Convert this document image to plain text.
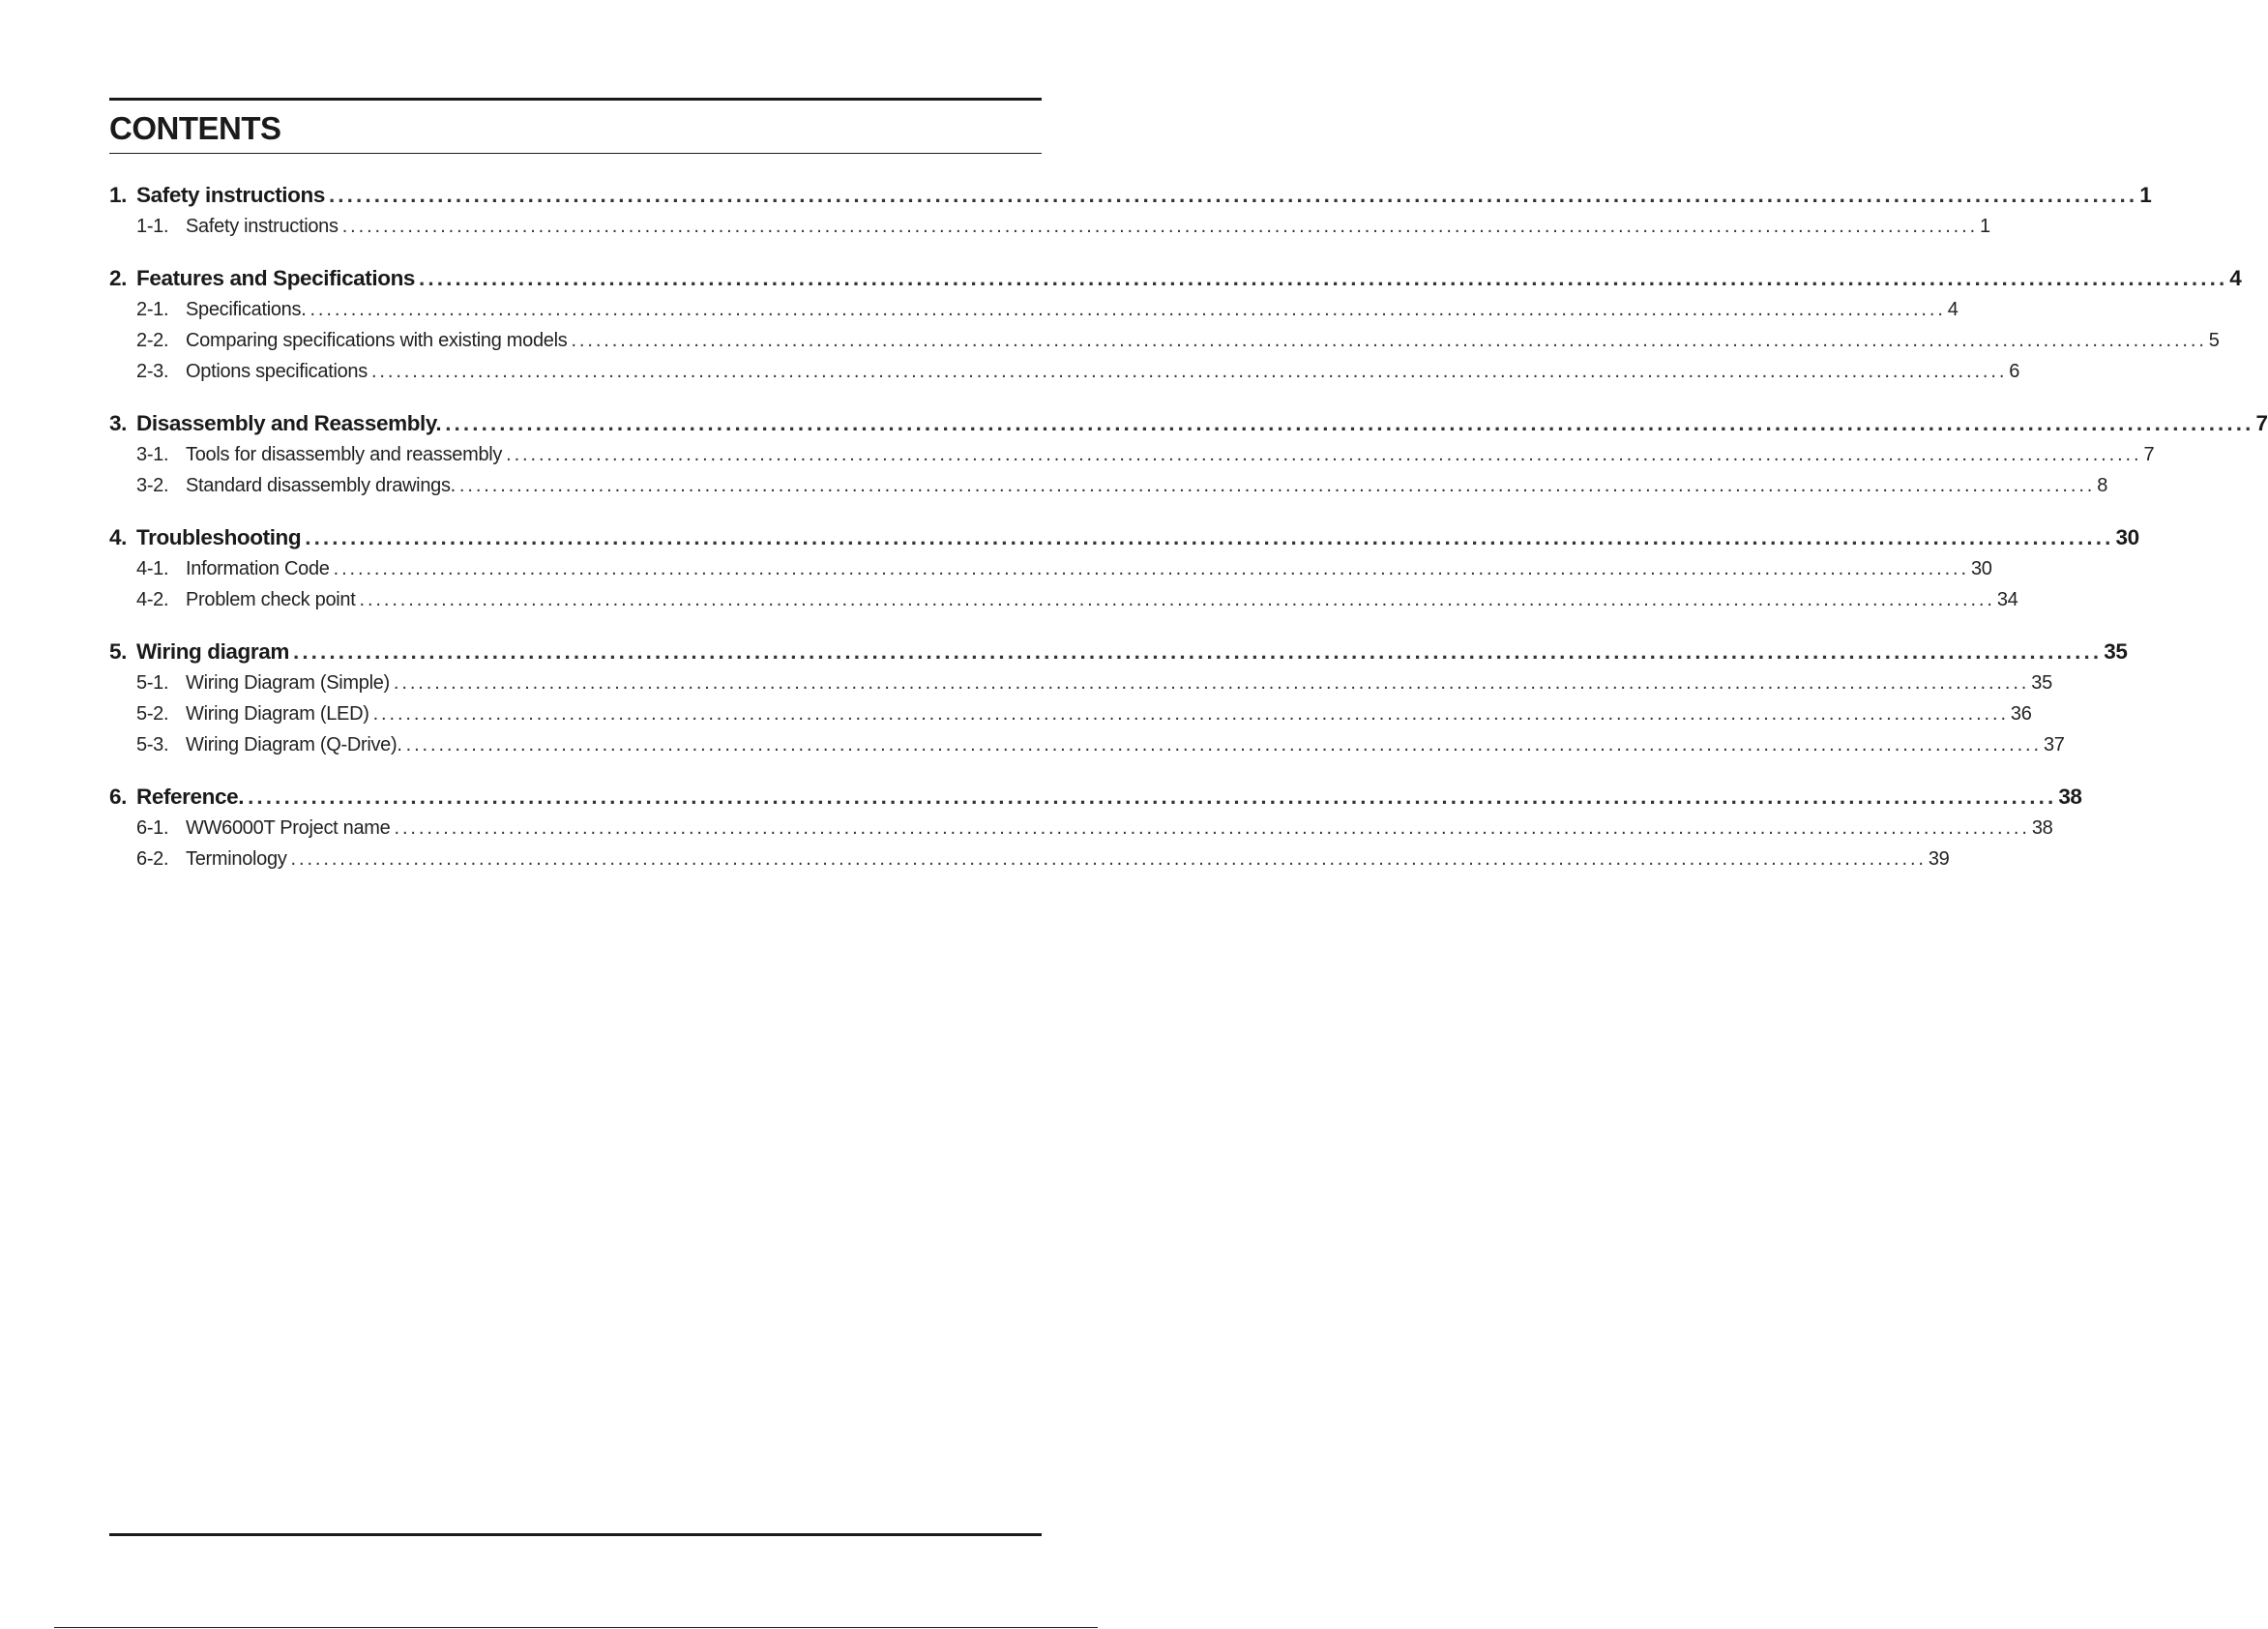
CONTENTS
1. Safety instructions ........................................................................................................................................................................................................ 1
1-1. Safety instructions ........................................................................................................................................................................................................ 1
2. Features and Specifications ........................................................................................................................................................................................................ 4
2-1. Specifications. ........................................................................................................................................................................................................ 4
2-2. Comparing specifications with existing models ........................................................................................................................................................................................................ 5
2-3. Options specifications ........................................................................................................................................................................................................ 6
3. Disassembly and Reassembly. ........................................................................................................................................................................................................ 7
3-1. Tools for disassembly and reassembly ........................................................................................................................................................................................................ 7
3-2. Standard disassembly drawings. ........................................................................................................................................................................................................ 8
4. Troubleshooting ........................................................................................................................................................................................................ 30
4-1. Information Code ........................................................................................................................................................................................................ 30
4-2. Problem check point ........................................................................................................................................................................................................ 34
5. Wiring diagram ........................................................................................................................................................................................................ 35
5-1. Wiring Diagram (Simple) ........................................................................................................................................................................................................ 35
5-2. Wiring Diagram (LED) ........................................................................................................................................................................................................ 36
5-3. Wiring Diagram (Q-Drive). ........................................................................................................................................................................................................ 37
6. Reference. ........................................................................................................................................................................................................ 38
6-1. WW6000T Project name ........................................................................................................................................................................................................ 38
6-2. Terminology ........................................................................................................................................................................................................ 39
